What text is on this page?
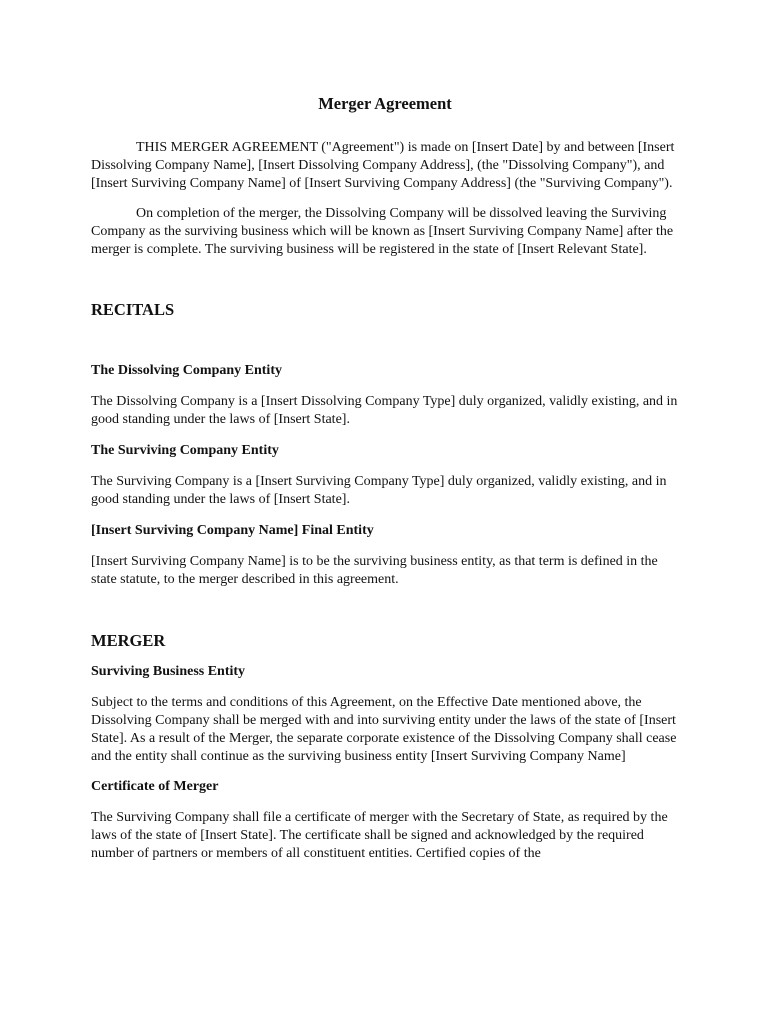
Merger Agreement

THIS MERGER AGREEMENT ("Agreement") is made on [Insert Date] by and between [Insert Dissolving Company Name], [Insert Dissolving Company Address], (the "Dissolving Company"), and [Insert Surviving Company Name] of [Insert Surviving Company Address] (the "Surviving Company").

On completion of the merger, the Dissolving Company will be dissolved leaving the Surviving Company as the surviving business which will be known as [Insert Surviving Company Name] after the merger is complete. The surviving business will be registered in the state of [Insert Relevant State].

RECITALS
The Dissolving Company Entity

The Dissolving Company is a [Insert Dissolving Company Type] duly organized, validly existing, and in good standing under the laws of [Insert State].

The Surviving Company Entity

The Surviving Company is a [Insert Surviving Company Type] duly organized, validly existing, and in good standing under the laws of [Insert State].

[Insert Surviving Company Name] Final Entity

[Insert Surviving Company Name] is to be the surviving business entity, as that term is defined in the state statute, to the merger described in this agreement.

MERGER
Surviving Business Entity

Subject to the terms and conditions of this Agreement, on the Effective Date mentioned above, the Dissolving Company shall be merged with and into surviving entity under the laws of the state of [Insert State]. As a result of the Merger, the separate corporate existence of the Dissolving Company shall cease and the entity shall continue as the surviving business entity [Insert Surviving Company Name]

Certificate of Merger

The Surviving Company shall file a certificate of merger with the Secretary of State, as required by the laws of the state of [Insert State]. The certificate shall be signed and acknowledged by the required number of partners or members of all constituent entities. Certified copies of the
